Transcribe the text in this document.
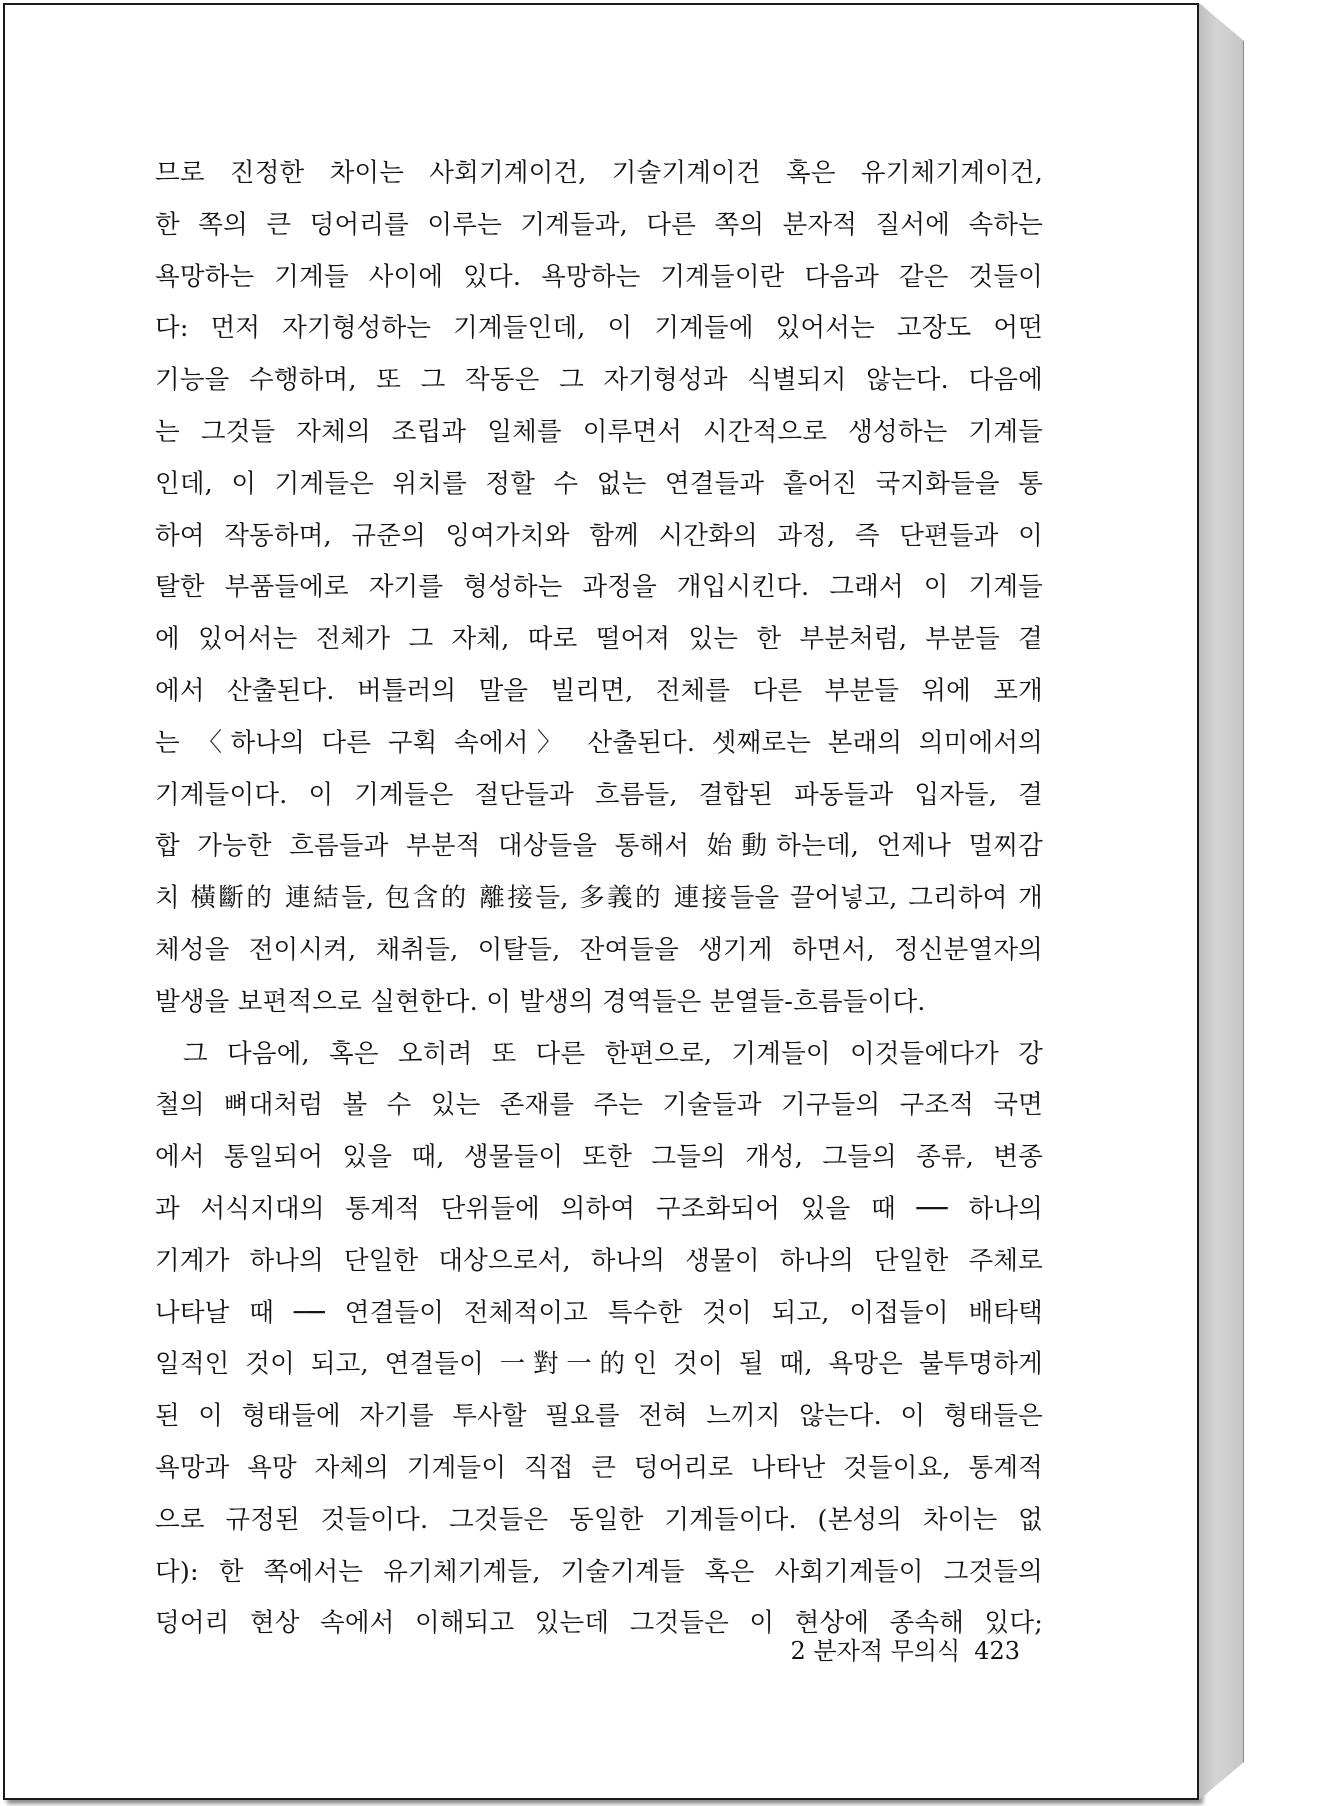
므로 진정한 차이는 사회기계이건, 기술기계이건 혹은 유기체기계이건,
한 쪽의 큰 덩어리를 이루는 기계들과, 다른 쪽의 분자적 질서에 속하는
욕망하는 기계들 사이에 있다. 욕망하는 기계들이란 다음과 같은 것들이
다: 먼저 자기형성하는 기계들인데, 이 기계들에 있어서는 고장도 어떤
기능을 수행하며, 또 그 작동은 그 자기형성과 식별되지 않는다. 다음에
는 그것들 자체의 조립과 일체를 이루면서 시간적으로 생성하는 기계들
인데, 이 기계들은 위치를 정할 수 없는 연결들과 흩어진 국지화들을 통
하여 작동하며, 규준의 잉여가치와 함께 시간화의 과정, 즉 단편들과 이
탈한 부품들에로 자기를 형성하는 과정을 개입시킨다. 그래서 이 기계들
에 있어서는 전체가 그 자체, 따로 떨어져 있는 한 부분처럼, 부분들 곁
에서 산출된다. 버틀러의 말을 빌리면, 전체를 다른 부분들 위에 포개
는 〈하나의 다른 구획 속에서〉 산출된다. 셋째로는 본래의 의미에서의
기계들이다. 이 기계들은 절단들과 흐름들, 결합된 파동들과 입자들, 결
합 가능한 흐름들과 부분적 대상들을 통해서 始動하는데, 언제나 멀찌감
치 橫斷的 連結들, 包含的 離接들, 多義的 連接들을 끌어넣고, 그리하여 개
체성을 전이시켜, 채취들, 이탈들, 잔여들을 생기게 하면서, 정신분열자의
발생을 보편적으로 실현한다. 이 발생의 경역들은 분열들-흐름들이다.
그 다음에, 혹은 오히려 또 다른 한편으로, 기계들이 이것들에다가 강
철의 뼈대처럼 볼 수 있는 존재를 주는 기술들과 기구들의 구조적 국면
에서 통일되어 있을 때, 생물들이 또한 그들의 개성, 그들의 종류, 변종
과 서식지대의 통계적 단위들에 의하여 구조화되어 있을 때 ── 하나의
기계가 하나의 단일한 대상으로서, 하나의 생물이 하나의 단일한 주체로
나타날 때 ── 연결들이 전체적이고 특수한 것이 되고, 이접들이 배타택
일적인 것이 되고, 연결들이 一對一的인 것이 될 때, 욕망은 불투명하게
된 이 형태들에 자기를 투사할 필요를 전혀 느끼지 않는다. 이 형태들은
욕망과 욕망 자체의 기계들이 직접 큰 덩어리로 나타난 것들이요, 통계적
으로 규정된 것들이다. 그것들은 동일한 기계들이다. (본성의 차이는 없
다): 한 쪽에서는 유기체기계들, 기술기계들 혹은 사회기계들이 그것들의
덩어리 현상 속에서 이해되고 있는데 그것들은 이 현상에 종속해 있다;
2 분자적 무의식 423
